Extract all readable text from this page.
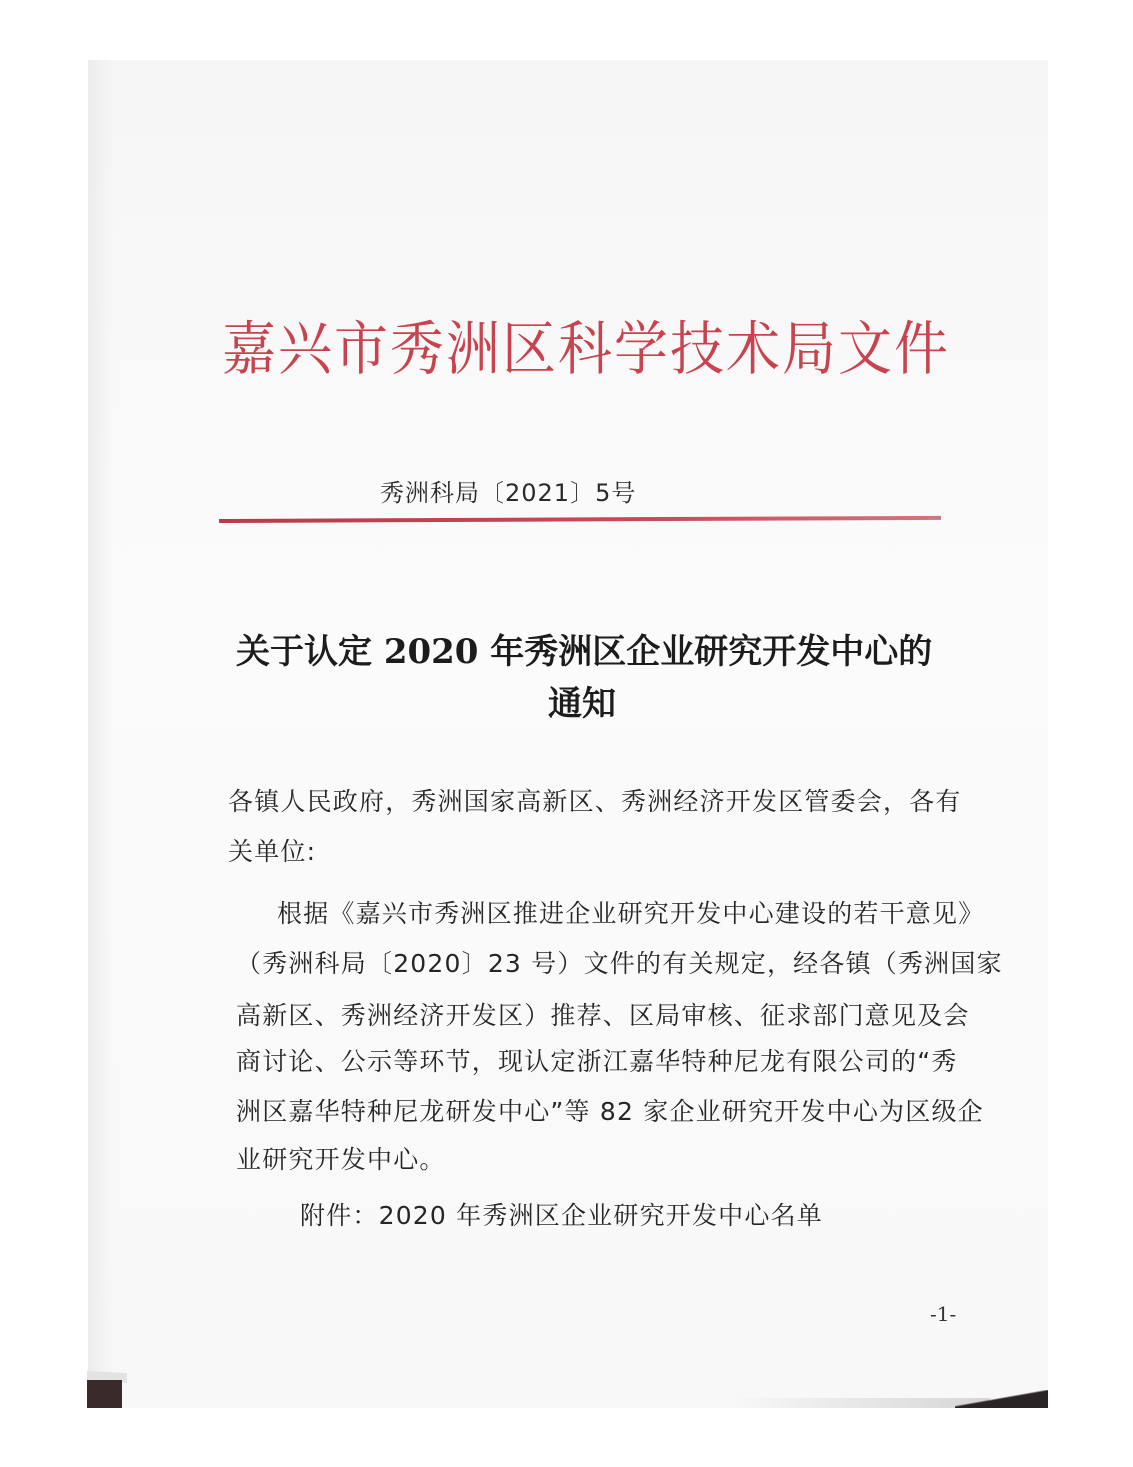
嘉兴市秀洲区科学技术局文件
秀洲科局〔2021〕5号
关于认定 2020 年秀洲区企业研究开发中心的
通知
各镇人民政府，秀洲国家高新区、秀洲经济开发区管委会，各有
关单位:
根据《嘉兴市秀洲区推进企业研究开发中心建设的若干意见》
（秀洲科局〔2020〕23 号）文件的有关规定，经各镇（秀洲国家
高新区、秀洲经济开发区）推荐、区局审核、征求部门意见及会
商讨论、公示等环节，现认定浙江嘉华特种尼龙有限公司的“秀
洲区嘉华特种尼龙研发中心”等 82 家企业研究开发中心为区级企
业研究开发中心。
附件：2020 年秀洲区企业研究开发中心名单
-1-
